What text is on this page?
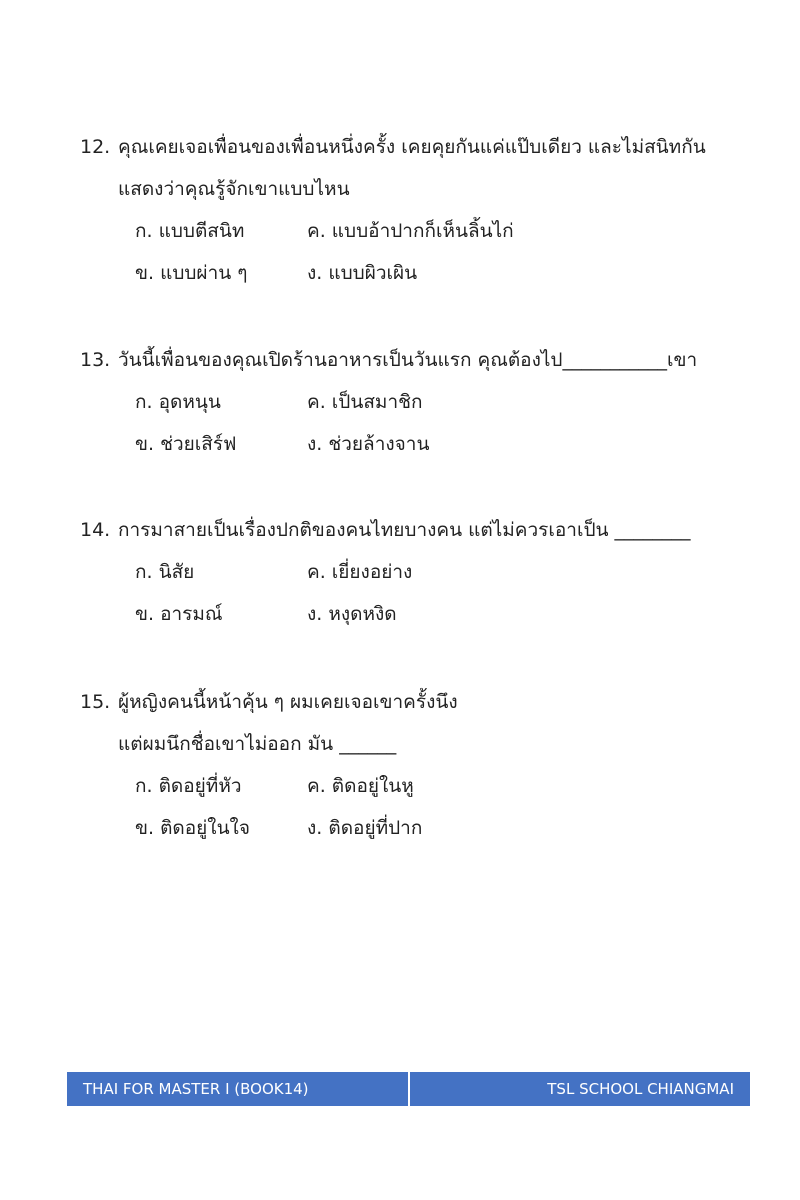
12. คุณเคยเจอเพื่อนของเพื่อนหนึ่งครั้ง เคยคุยกันแค่แป๊บเดียว และไม่สนิทกัน
แสดงว่าคุณรู้จักเขาแบบไหน
ก. แบบตีสนิท	ค. แบบอ้าปากก็เห็นลิ้นไก่
ข. แบบผ่าน ๆ	ง. แบบผิวเผิน
13. วันนี้เพื่อนของคุณเปิดร้านอาหารเป็นวันแรก คุณต้องไป___________เขา
ก. อุดหนุน	ค. เป็นสมาชิก
ข. ช่วยเสิร์ฟ	ง. ช่วยล้างจาน
14. การมาสายเป็นเรื่องปกติของคนไทยบางคน แต่ไม่ควรเอาเป็น ________
ก. นิสัย	ค. เยี่ยงอย่าง
ข. อารมณ์	ง. หงุดหงิด
15. ผู้หญิงคนนี้หน้าคุ้น ๆ ผมเคยเจอเขาครั้งนึง
แต่ผมนึกชื่อเขาไม่ออก มัน ______
ก. ติดอยู่ที่หัว	ค. ติดอยู่ในหู
ข. ติดอยู่ในใจ	ง. ติดอยู่ที่ปาก
THAI FOR MASTER I (BOOK14)	TSL SCHOOL CHIANGMAI
